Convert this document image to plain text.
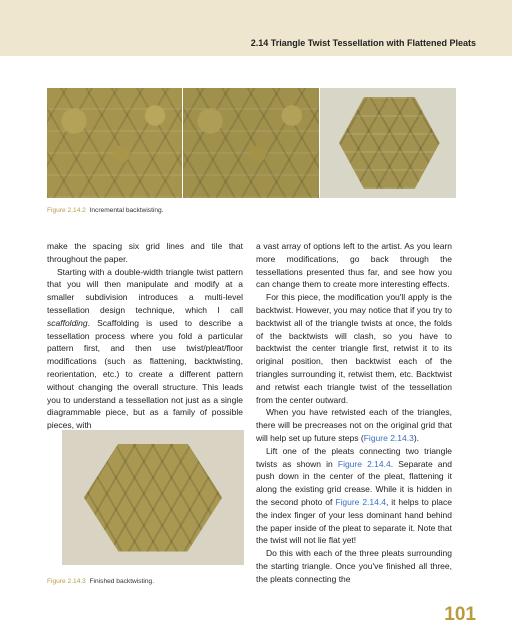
2.14 Triangle Twist Tessellation with Flattened Pleats
Figure 2.14.2 Incremental backtwisting.

make the spacing six grid lines and tile that throughout the paper.

Starting with a double-width triangle twist pattern that you will then manipulate and modify at a smaller subdivision introduces a multi-level tessellation design technique, which I call scaffolding. Scaffolding is used to describe a tessellation process where you fold a particular pattern first, and then use twist/pleat/floor modifications (such as flattening, backtwisting, reorientation, etc.) to create a different pattern without changing the overall structure. This leads you to understand a tessellation not just as a single diagrammable piece, but as a family of possible pieces, with

Figure 2.14.3 Finished backtwisting.

a vast array of options left to the artist. As you learn more modifications, go back through the tessellations presented thus far, and see how you can change them to create more interesting effects.

For this piece, the modification you'll apply is the backtwist. However, you may notice that if you try to backtwist all of the triangle twists at once, the folds of the backtwists will clash, so you have to backtwist the center triangle first, retwist it to its original position, then backtwist each of the triangles surrounding it, retwist them, etc. Backtwist and retwist each triangle twist of the tessellation from the center outward.

When you have retwisted each of the triangles, there will be precreases not on the original grid that will help set up future steps (Figure 2.14.3).

Lift one of the pleats connecting two triangle twists as shown in Figure 2.14.4. Separate and push down in the center of the pleat, flattening it along the existing grid crease. While it is hidden in the second photo of Figure 2.14.4, it helps to place the index finger of your less dominant hand behind the paper inside of the pleat to separate it. Note that the twist will not lie flat yet!

Do this with each of the three pleats surrounding the starting triangle. Once you've finished all three, the pleats connecting the

101
